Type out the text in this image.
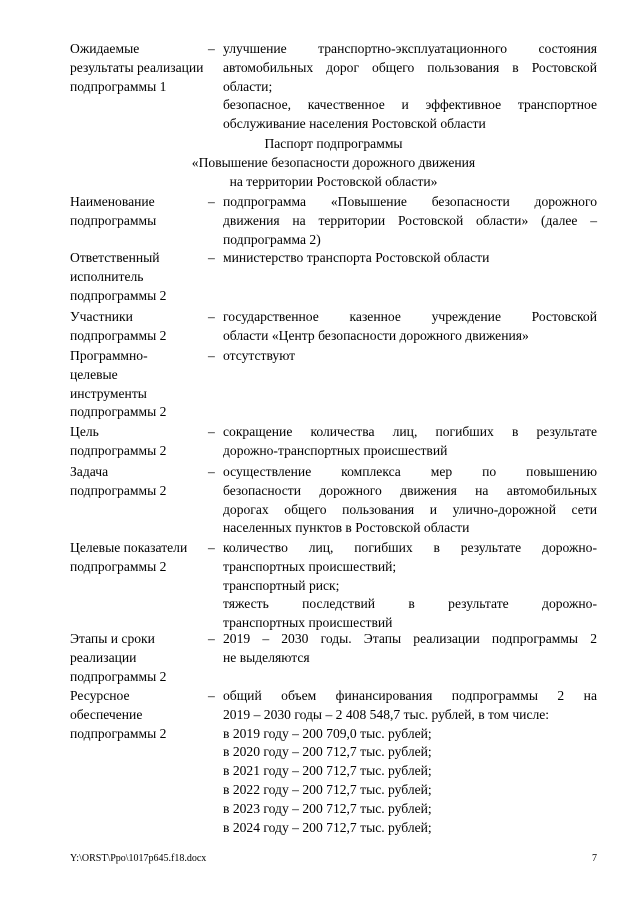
Ожидаемые результаты реализации подпрограммы 1
– улучшение транспортно-эксплуатационного состояния
автомобильных дорог общего пользования в Ростовской
области;
безопасное, качественное и эффективное транспортное
обслуживание населения Ростовской области
Паспорт подпрограммы
«Повышение безопасности дорожного движения
на территории Ростовской области»
Наименование подпрограммы
– подпрограмма «Повышение безопасности дорожного
движения на территории Ростовской области» (далее –
подпрограмма 2)
Ответственный исполнитель подпрограммы 2
– министерство транспорта Ростовской области
Участники подпрограммы 2
– государственное казенное учреждение Ростовской
области «Центр безопасности дорожного движения»
Программно-целевые инструменты подпрограммы 2
– отсутствуют
Цель подпрограммы 2
– сокращение количества лиц, погибших в результате
дорожно-транспортных происшествий
Задача подпрограммы 2
– осуществление комплекса мер по повышению
безопасности дорожного движения на автомобильных
дорогах общего пользования и улично-дорожной сети
населенных пунктов в Ростовской области
Целевые показатели подпрограммы 2
– количество лиц, погибших в результате дорожно-
транспортных происшествий;
транспортный риск;
тяжесть последствий в результате дорожно-
транспортных происшествий
Этапы и сроки реализации подпрограммы 2
– 2019 – 2030 годы. Этапы реализации подпрограммы 2
не выделяются
Ресурсное обеспечение подпрограммы 2
– общий объем финансирования подпрограммы 2 на
2019 – 2030 годы – 2 408 548,7 тыс. рублей, в том числе:
в 2019 году – 200 709,0 тыс. рублей;
в 2020 году – 200 712,7 тыс. рублей;
в 2021 году – 200 712,7 тыс. рублей;
в 2022 году – 200 712,7 тыс. рублей;
в 2023 году – 200 712,7 тыс. рублей;
в 2024 году – 200 712,7 тыс. рублей;
Y:\ORST\Ppo\1017p645.f18.docx	7
